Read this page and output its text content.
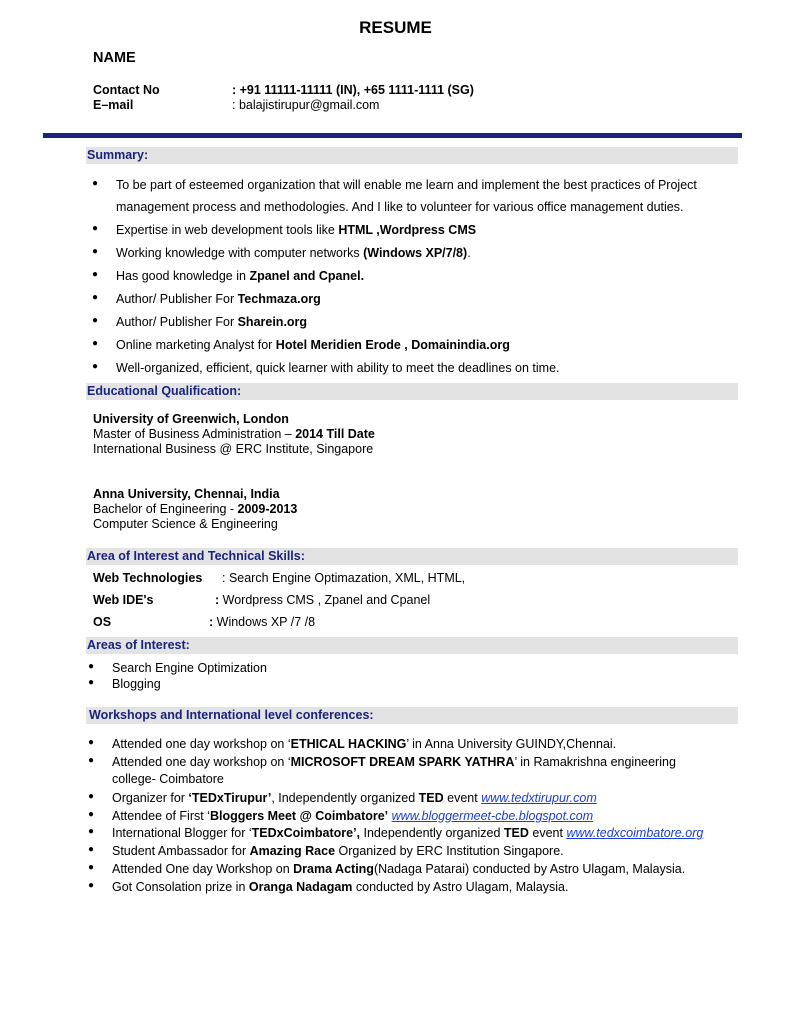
RESUME
NAME
Contact No	: +91 11111-11111 (IN), +65 1111-1111 (SG)
E–mail	: balajistirupur@gmail.com
Summary:
● To be part of esteemed organization that will enable me learn and implement the best practices of Project
management process and methodologies. And I like to volunteer for various office management duties.
● Expertise in web development tools like HTML ,Wordpress CMS
● Working knowledge with computer networks (Windows XP/7/8).
● Has good knowledge in Zpanel and Cpanel.
● Author/ Publisher For Techmaza.org
● Author/ Publisher For Sharein.org
● Online marketing Analyst for Hotel Meridien Erode , Domainindia.org
● Well-organized, efficient, quick learner with ability to meet the deadlines on time.
Educational Qualification:
University of Greenwich, London
Master of Business Administration – 2014 Till Date
International Business @ ERC Institute, Singapore
Anna University, Chennai, India
Bachelor of Engineering - 2009-2013
Computer Science & Engineering
Area of Interest and Technical Skills:
Web Technologies : Search Engine Optimazation, XML, HTML,
Web IDE's	: Wordpress CMS , Zpanel and Cpanel
OS	: Windows XP /7 /8
Areas of Interest:
● Search Engine Optimization
● Blogging
Workshops and International level conferences:
● Attended one day workshop on ‘ETHICAL HACKING’ in Anna University GUINDY,Chennai.
● Attended one day workshop on ‘MICROSOFT DREAM SPARK YATHRA’ in Ramakrishna engineering
college- Coimbatore
● Organizer for ‘TEDxTirupur’, Independently organized TED event www.tedxtirupur.com
● Attendee of First ‘Bloggers Meet @ Coimbatore’ www.bloggermeet-cbe.blogspot.com
● International Blogger for ‘TEDxCoimbatore’, Independently organized TED event www.tedxcoimbatore.org
● Student Ambassador for Amazing Race Organized by ERC Institution Singapore.
● Attended One day Workshop on Drama Acting(Nadaga Patarai) conducted by Astro Ulagam, Malaysia.
● Got Consolation prize in Oranga Nadagam conducted by Astro Ulagam, Malaysia.
